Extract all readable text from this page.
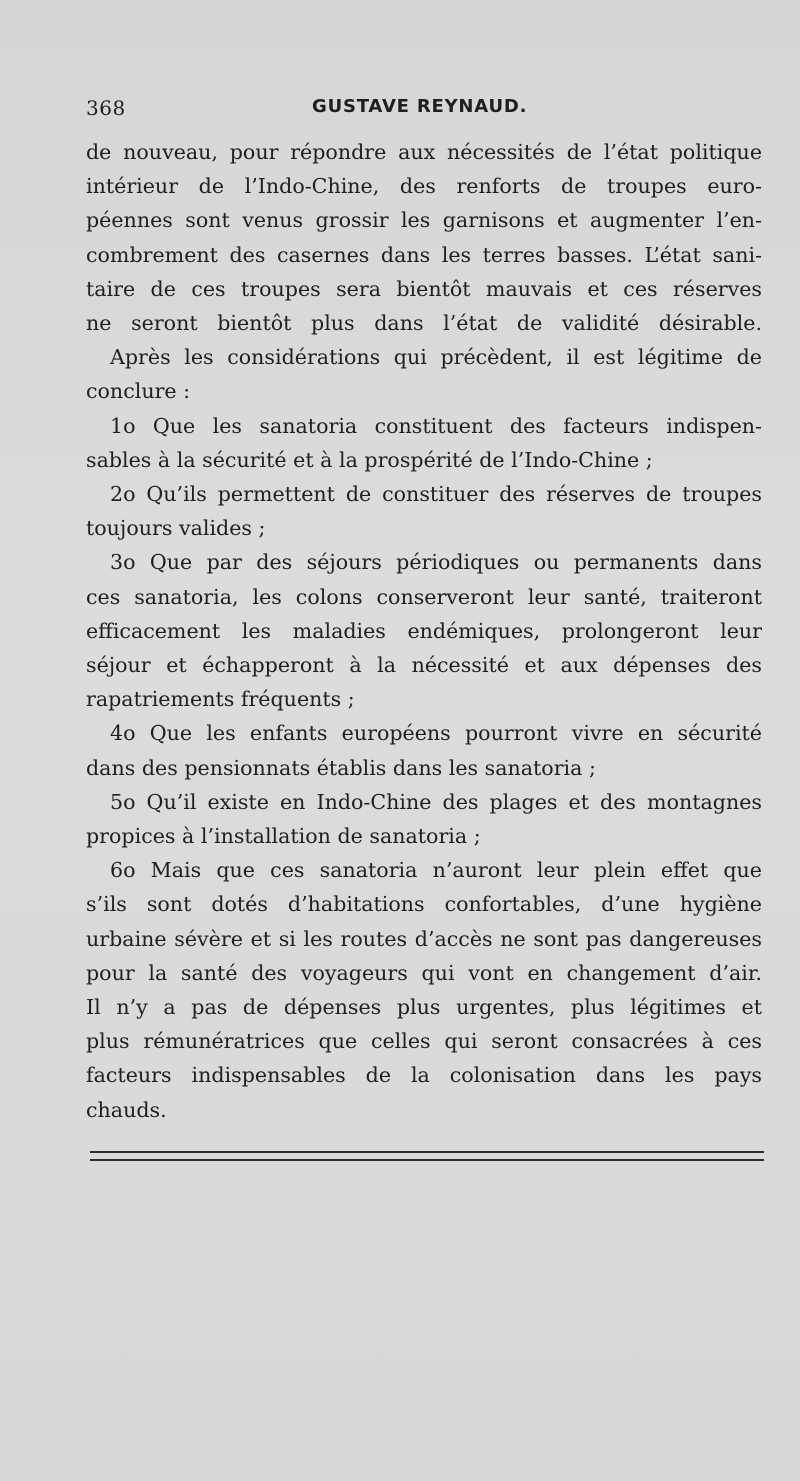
368	GUSTAVE REYNAUD.
de nouveau, pour répondre aux nécessités de l’état politique
intérieur de l’Indo-Chine, des renforts de troupes euro-
péennes sont venus grossir les garnisons et augmenter l’en-
combrement des casernes dans les terres basses. L’état sani-
taire de ces troupes sera bientôt mauvais et ces réserves
ne seront bientôt plus dans l’état de validité désirable.
Après les considérations qui précèdent, il est légitime de
conclure :
1o Que les sanatoria constituent des facteurs indispen-
sables à la sécurité et à la prospérité de l’Indo-Chine ;
2o Qu’ils permettent de constituer des réserves de troupes
toujours valides ;
3o Que par des séjours périodiques ou permanents dans
ces sanatoria, les colons conserveront leur santé, traiteront
efficacement les maladies endémiques, prolongeront leur
séjour et échapperont à la nécessité et aux dépenses des
rapatriements fréquents ;
4o Que les enfants européens pourront vivre en sécurité
dans des pensionnats établis dans les sanatoria ;
5o Qu’il existe en Indo-Chine des plages et des montagnes
propices à l’installation de sanatoria ;
6o Mais que ces sanatoria n’auront leur plein effet que
s’ils sont dotés d’habitations confortables, d’une hygiène
urbaine sévère et si les routes d’accès ne sont pas dangereuses
pour la santé des voyageurs qui vont en changement d’air.
Il n’y a pas de dépenses plus urgentes, plus légitimes et
plus rémunératrices que celles qui seront consacrées à ces
facteurs indispensables de la colonisation dans les pays
chauds.
